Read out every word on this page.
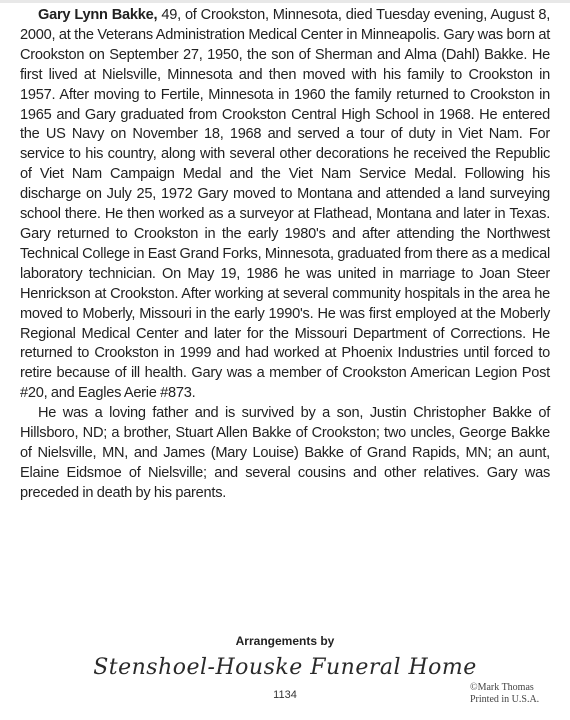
Gary Lynn Bakke, 49, of Crookston, Minnesota, died Tuesday evening, August 8, 2000, at the Veterans Administration Medical Center in Minneapolis. Gary was born at Crookston on September 27, 1950, the son of Sherman and Alma (Dahl) Bakke. He first lived at Nielsville, Minnesota and then moved with his family to Crookston in 1957. After moving to Fertile, Minnesota in 1960 the family returned to Crookston in 1965 and Gary graduated from Crookston Central High School in 1968. He entered the US Navy on November 18, 1968 and served a tour of duty in Viet Nam. For service to his country, along with several other decorations he received the Republic of Viet Nam Campaign Medal and the Viet Nam Service Medal. Following his discharge on July 25, 1972 Gary moved to Montana and attended a land surveying school there. He then worked as a surveyor at Flathead, Montana and later in Texas. Gary returned to Crookston in the early 1980's and after attending the Northwest Technical College in East Grand Forks, Minnesota, graduated from there as a medical laboratory technician. On May 19, 1986 he was united in marriage to Joan Steer Henrickson at Crookston. After working at several community hospitals in the area he moved to Moberly, Missouri in the early 1990's. He was first employed at the Moberly Regional Medical Center and later for the Missouri Department of Corrections. He returned to Crookston in 1999 and had worked at Phoenix Industries until forced to retire because of ill health. Gary was a member of Crookston American Legion Post #20, and Eagles Aerie #873.

He was a loving father and is survived by a son, Justin Christopher Bakke of Hillsboro, ND; a brother, Stuart Allen Bakke of Crookston; two uncles, George Bakke of Nielsville, MN, and James (Mary Louise) Bakke of Grand Rapids, MN; an aunt, Elaine Eidsmoe of Nielsville; and several cousins and other relatives. Gary was preceded in death by his parents.

Arrangements by
Stenshoel-Houske Funeral Home
1134
©Mark Thomas
Printed in U.S.A.
